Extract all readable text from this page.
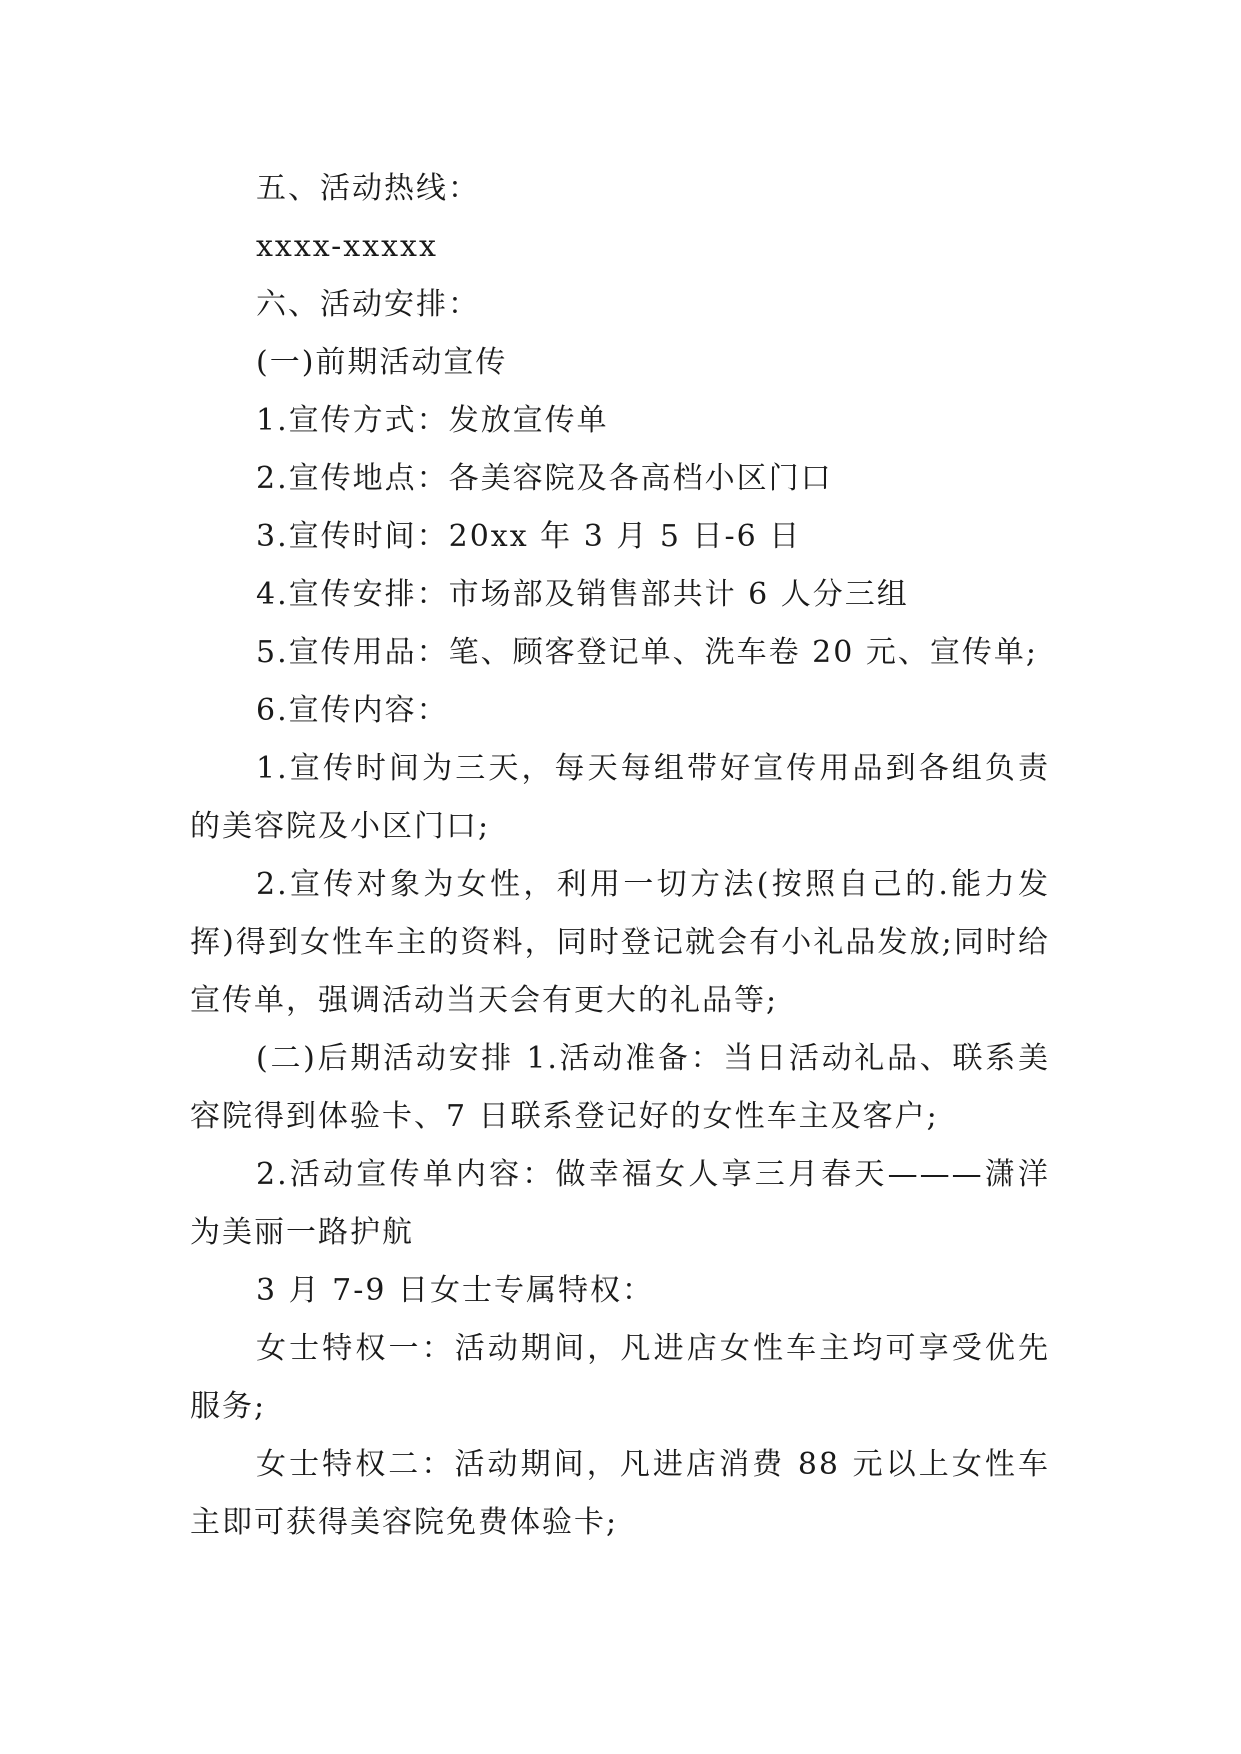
五、活动热线：

xxxx-xxxxx

六、活动安排：

(一)前期活动宣传

1.宣传方式：发放宣传单

2.宣传地点：各美容院及各高档小区门口

3.宣传时间：20xx 年 3 月 5 日-6 日

4.宣传安排：市场部及销售部共计 6 人分三组

5.宣传用品：笔、顾客登记单、洗车卷 20 元、宣传单;

6.宣传内容：

1.宣传时间为三天，每天每组带好宣传用品到各组负责的美容院及小区门口;

2.宣传对象为女性，利用一切方法(按照自己的.能力发挥)得到女性车主的资料，同时登记就会有小礼品发放;同时给宣传单，强调活动当天会有更大的礼品等;

(二)后期活动安排 1.活动准备：当日活动礼品、联系美容院得到体验卡、7 日联系登记好的女性车主及客户;

2.活动宣传单内容：做幸福女人享三月春天———潇洋为美丽一路护航

3 月 7-9 日女士专属特权：

女士特权一：活动期间，凡进店女性车主均可享受优先服务;

女士特权二：活动期间，凡进店消费 88 元以上女性车主即可获得美容院免费体验卡;
